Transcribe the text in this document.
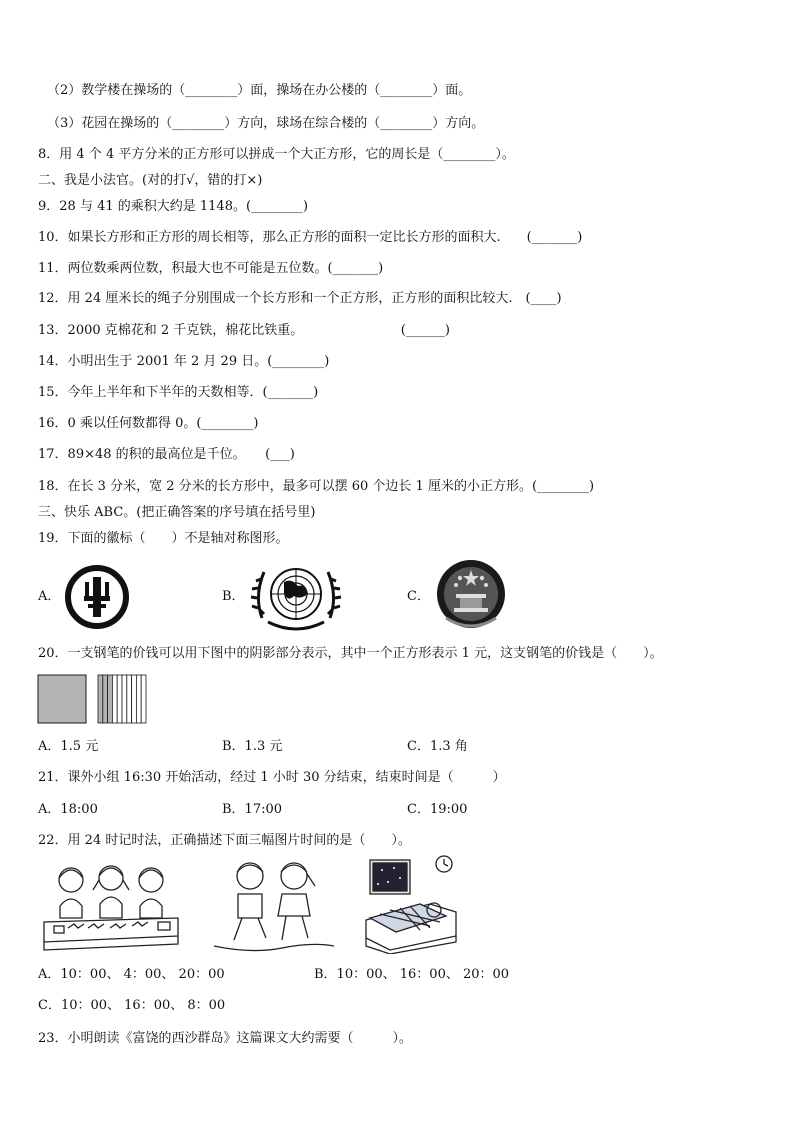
（2）教学楼在操场的（________）面，操场在办公楼的（________）面。
（3）花园在操场的（________）方向，球场在综合楼的（________）方向。
8．用 4 个 4 平方分米的正方形可以拼成一个大正方形，它的周长是（________）。
二、我是小法官。(对的打√，错的打×)
9．28 与 41 的乘积大约是 1148。(________)
10．如果长方形和正方形的周长相等，那么正方形的面积一定比长方形的面积大.　　(_______)
11．两位数乘两位数，积最大也不可能是五位数。(_______)
12．用 24 厘米长的绳子分别围成一个长方形和一个正方形，正方形的面积比较大.　(____)
13．2000 克棉花和 2 千克铁，棉花比铁重。　　　　　　　　(______)
14．小明出生于 2001 年 2 月 29 日。(________)
15．今年上半年和下半年的天数相等．(_______)
16．0 乘以任何数都得 0。(________)
17．89×48 的积的最高位是千位。　　(___)
18．在长 3 分米，宽 2 分米的长方形中，最多可以摆 60 个边长 1 厘米的小正方形。(________)
三、快乐 ABC。(把正确答案的序号填在括号里)
19．下面的徽标（　　）不是轴对称图形。
A．	B．	C．
20．一支钢笔的价钱可以用下图中的阴影部分表示，其中一个正方形表示 1 元，这支钢笔的价钱是（　　）。
A．1.5 元	B．1.3 元	C．1.3 角
21．课外小组 16:30 开始活动，经过 1 小时 30 分结束，结束时间是（　　　）
A．18:00	B．17:00	C．19:00
22．用 24 时记时法，正确描述下面三幅图片时间的是（　　）。
A．10：00、 4：00、 20：00	B．10：00、 16：00、 20：00
C．10：00、 16：00、 8：00
23．小明朗读《富饶的西沙群岛》这篇课文大约需要（　　　）。
